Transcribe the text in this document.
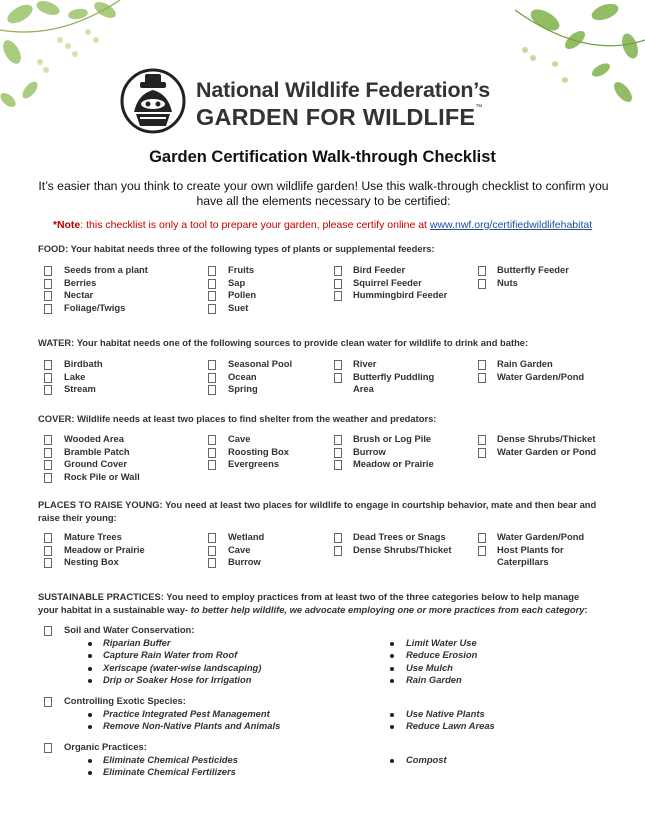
National Wildlife Federation’s
GARDEN FOR WILDLIFE™
Garden Certification Walk-through Checklist
It’s easier than you think to create your own wildlife garden! Use this walk-through checklist to confirm you have all the elements necessary to be certified:
*Note: this checklist is only a tool to prepare your garden, please certify online at www.nwf.org/certifiedwildlifehabitat
FOOD: Your habitat needs three of the following types of plants or supplemental feeders:
WATER: Your habitat needs one of the following sources to provide clean water for wildlife to drink and bathe:
COVER: Wildlife needs at least two places to find shelter from the weather and predators:
PLACES TO RAISE YOUNG: You need at least two places for wildlife to engage in courtship behavior, mate and then bear and
raise their young:
SUSTAINABLE PRACTICES: You need to employ practices from at least two of the three categories below to help manage
your habitat in a sustainable way- to better help wildlife, we advocate employing one or more practices from each category:
Seeds from a plant
Berries
Nectar
Foliage/Twigs
Fruits
Sap
Pollen
Suet
Bird Feeder
Squirrel Feeder
Hummingbird Feeder
Butterfly Feeder
Nuts
Birdbath
Lake
Stream
Seasonal Pool
Ocean
Spring
River
Butterfly Puddling
Area
Rain Garden
Water Garden/Pond
Wooded Area
Bramble Patch
Ground Cover
Rock Pile or Wall
Cave
Roosting Box
Evergreens
Brush or Log Pile
Burrow
Meadow or Prairie
Dense Shrubs/Thicket
Water Garden or Pond
Mature Trees
Meadow or Prairie
Nesting Box
Wetland
Cave
Burrow
Dead Trees or Snags
Dense Shrubs/Thicket
Water Garden/Pond
Host Plants for
Caterpillars
Soil and Water Conservation:
Riparian Buffer
Capture Rain Water from Roof
Xeriscape (water-wise landscaping)
Drip or Soaker Hose for Irrigation
Limit Water Use
Reduce Erosion
Use Mulch
Rain Garden
Controlling Exotic Species:
Practice Integrated Pest Management
Remove Non-Native Plants and Animals
Use Native Plants
Reduce Lawn Areas
Organic Practices:
Eliminate Chemical Pesticides
Eliminate Chemical Fertilizers
Compost
